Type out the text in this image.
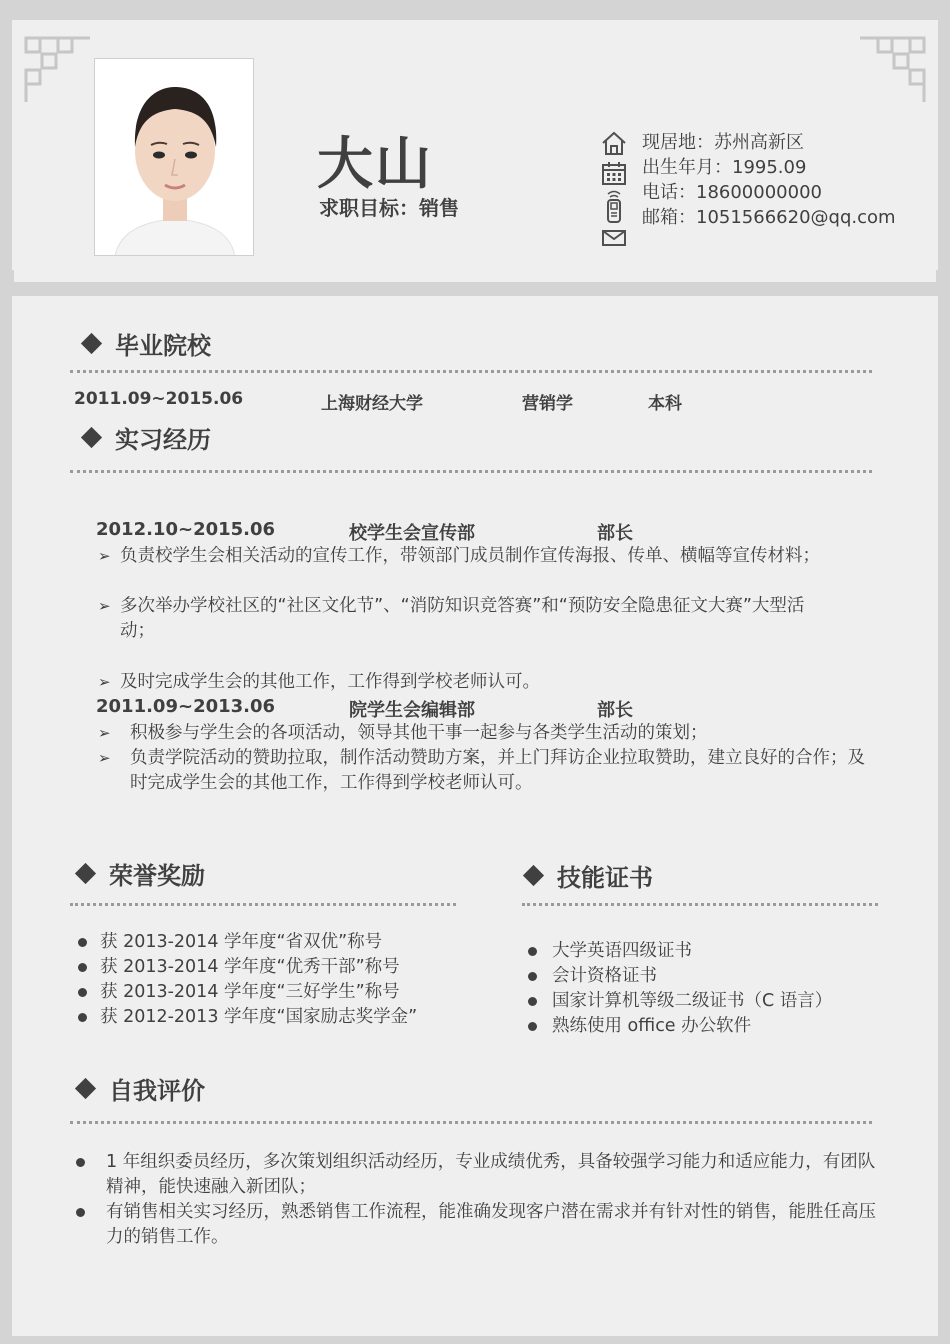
大山
求职目标：销售
现居地：苏州高新区
出生年月：1995.09
电话：18600000000
邮箱：1051566620@qq.com
毕业院校
2011.09~2015.06	上海财经大学	营销学	本科
实习经历
2012.10~2015.06	校学生会宣传部	部长
➢ 负责校学生会相关活动的宣传工作，带领部门成员制作宣传海报、传单、横幅等宣传材料；
➢ 多次举办学校社区的“社区文化节”、“消防知识竞答赛”和“预防安全隐患征文大赛”大型活动；
➢ 及时完成学生会的其他工作，工作得到学校老师认可。
2011.09~2013.06	院学生会编辑部	部长
➢	积极参与学生会的各项活动，领导其他干事一起参与各类学生活动的策划；
➢	负责学院活动的赞助拉取，制作活动赞助方案，并上门拜访企业拉取赞助，建立良好的合作；及时完成学生会的其他工作，工作得到学校老师认可。
荣誉奖励
获 2013-2014 学年度“省双优”称号
获 2013-2014 学年度“优秀干部”称号
获 2013-2014 学年度“三好学生”称号
获 2012-2013 学年度“国家励志奖学金”
技能证书
大学英语四级证书
会计资格证书
国家计算机等级二级证书（C 语言）
熟练使用 office 办公软件
自我评价
1 年组织委员经历，多次策划组织活动经历，专业成绩优秀，具备较强学习能力和适应能力，有团队精神，能快速融入新团队；
有销售相关实习经历，熟悉销售工作流程，能准确发现客户潜在需求并有针对性的销售，能胜任高压力的销售工作。
